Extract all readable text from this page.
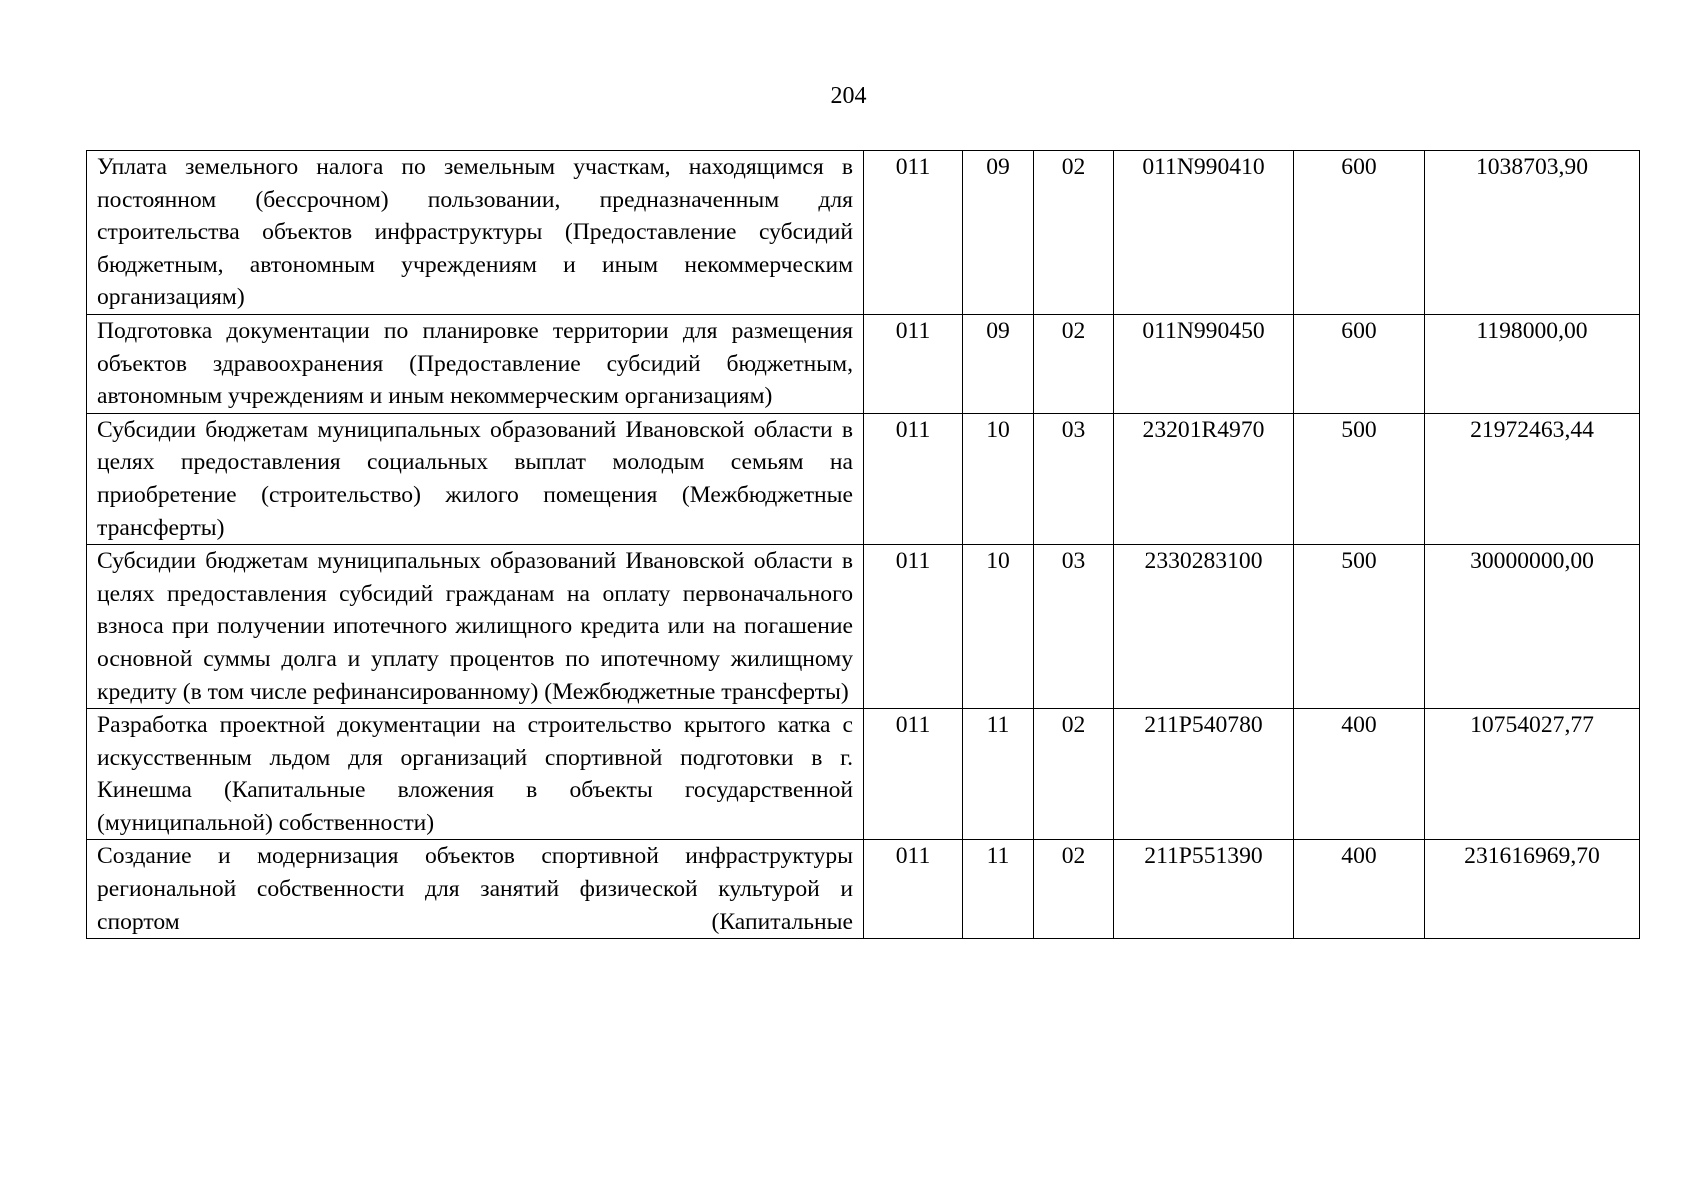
204
Уплата земельного налога по земельным участкам, находящимся в постоянном (бессрочном) пользовании, предназначенным для строительства объектов инфраструктуры (Предоставление субсидий бюджетным, автономным учреждениям и иным некоммерческим организациям)	011	09	02	011N990410	600	1038703,90
Подготовка документации по планировке территории для размещения объектов здравоохранения (Предоставление субсидий бюджетным, автономным учреждениям и иным некоммерческим организациям)	011	09	02	011N990450	600	1198000,00
Субсидии бюджетам муниципальных образований Ивановской области в целях предоставления социальных выплат молодым семьям на приобретение (строительство) жилого помещения (Межбюджетные трансферты)	011	10	03	23201R4970	500	21972463,44
Субсидии бюджетам муниципальных образований Ивановской области в целях предоставления субсидий гражданам на оплату первоначального взноса при получении ипотечного жилищного кредита или на погашение основной суммы долга и уплату процентов по ипотечному жилищному кредиту (в том числе рефинансированному) (Межбюджетные трансферты)	011	10	03	2330283100	500	30000000,00
Разработка проектной документации на строительство крытого катка с искусственным льдом для организаций спортивной подготовки в г. Кинешма (Капитальные вложения в объекты государственной (муниципальной) собственности)	011	11	02	211P540780	400	10754027,77
Создание и модернизация объектов спортивной инфраструктуры региональной собственности для занятий физической культурой и спортом (Капитальные	011	11	02	211P551390	400	231616969,70
